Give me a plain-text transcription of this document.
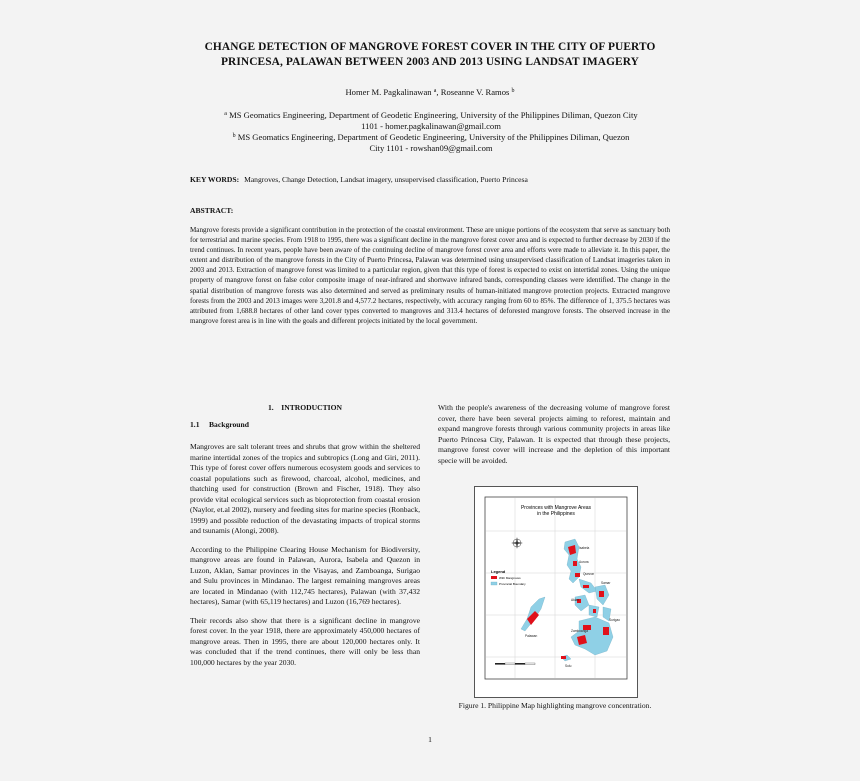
CHANGE DETECTION OF MANGROVE FOREST COVER IN THE CITY OF PUERTO
PRINCESA, PALAWAN BETWEEN 2003 AND 2013 USING LANDSAT IMAGERY
Homer M. Pagkalinawan $^a$, Roseanne V. Ramos $^b$
$^a$ MS Geomatics Engineering, Department of Geodetic Engineering, University of the Philippines Diliman, Quezon City
1101 - homer.pagkalinawan@gmail.com
$^b$ MS Geomatics Engineering, Department of Geodetic Engineering, University of the Philippines Diliman, Quezon
City 1101 - rowshan09@gmail.com
KEY WORDS: Mangroves, Change Detection, Landsat imagery, unsupervised classification, Puerto Princesa
ABSTRACT:
Mangrove forests provide a significant contribution in the protection of the coastal environment. These are unique portions of the ecosystem that serve as sanctuary both for terrestrial and marine species. From 1918 to 1995, there was a significant decline in the mangrove forest cover area and is expected to further decrease by 2030 if the trend continues. In recent years, people have been aware of the continuing decline of mangrove forest cover area and efforts were made to alleviate it. In this paper, the extent and distribution of the mangrove forests in the City of Puerto Princesa, Palawan was determined using unsupervised classification of Landsat imageries taken in 2003 and 2013. Extraction of mangrove forest was limited to a particular region, given that this type of forest is expected to exist on intertidal zones. Using the unique property of mangrove forest on false color composite image of near-infrared and shortwave infrared bands, corresponding classes were identified. The change in the spatial distribution of mangrove forests was also determined and served as preliminary results of human-initiated mangrove protection projects. Extracted mangrove forests from the 2003 and 2013 images were 3,201.8 and 4,577.2 hectares, respectively, with accuracy ranging from 60 to 85%. The difference of 1, 375.5 hectares was attributed from 1,688.8 hectares of other land cover types converted to mangroves and 313.4 hectares of deforested mangrove forests. The observed increase in the mangrove forest area is in line with the goals and different projects initiated by the local government.
1.    INTRODUCTION
1.1     Background

Mangroves are salt tolerant trees and shrubs that grow within the sheltered marine intertidal zones of the tropics and subtropics (Long and Giri, 2011). This type of forest cover offers numerous ecosystem goods and services to coastal populations such as firewood, charcoal, alcohol, medicines, and thatching used for construction (Brown and Fischer, 1918). They also provide vital ecological services such as bioprotection from coastal erosion (Naylor, et.al 2002), nursery and feeding sites for marine species (Ronback, 1999) and possible reduction of the devastating impacts of tropical storms and tsunamis (Alongi, 2008).

According to the Philippine Clearing House Mechanism for Biodiversity, mangrove areas are found in Palawan, Aurora, Isabela and Quezon in Luzon, Aklan, Samar provinces in the Visayas, and Zamboanga, Surigao and Sulu provinces in Mindanao. The largest remaining mangroves areas are located in Mindanao (with 112,745 hectares), Palawan (with 37,432 hectares), Samar (with 65,119 hectares) and Luzon (16,769 hectares).

Their records also show that there is a significant decline in mangrove forest cover. In the year 1918, there are approximately 450,000 hectares of mangrove areas. Then in 1995, there are about 120,000 hectares only. It was concluded that if the trend continues, there will only be less than 100,000 hectares by the year 2030.

With the people's awareness of the decreasing volume of mangrove forest cover, there have been several projects aiming to reforest, maintain and expand mangrove forests through various community projects in areas like Puerto Princesa City, Palawan. It is expected that through these projects, mangrove forest cover will increase and the depletion of this important specie will be avoided.
Provinces with Mangrove Areas
in the Philippines
Isabela
Aurora
Quezon
Samar
Aklan
Palawan
Zamboanga
Surigao
Sulu
Legend
With Mangroves
Provincial Boundary
Figure 1. Philippine Map highlighting mangrove concentration.
1
